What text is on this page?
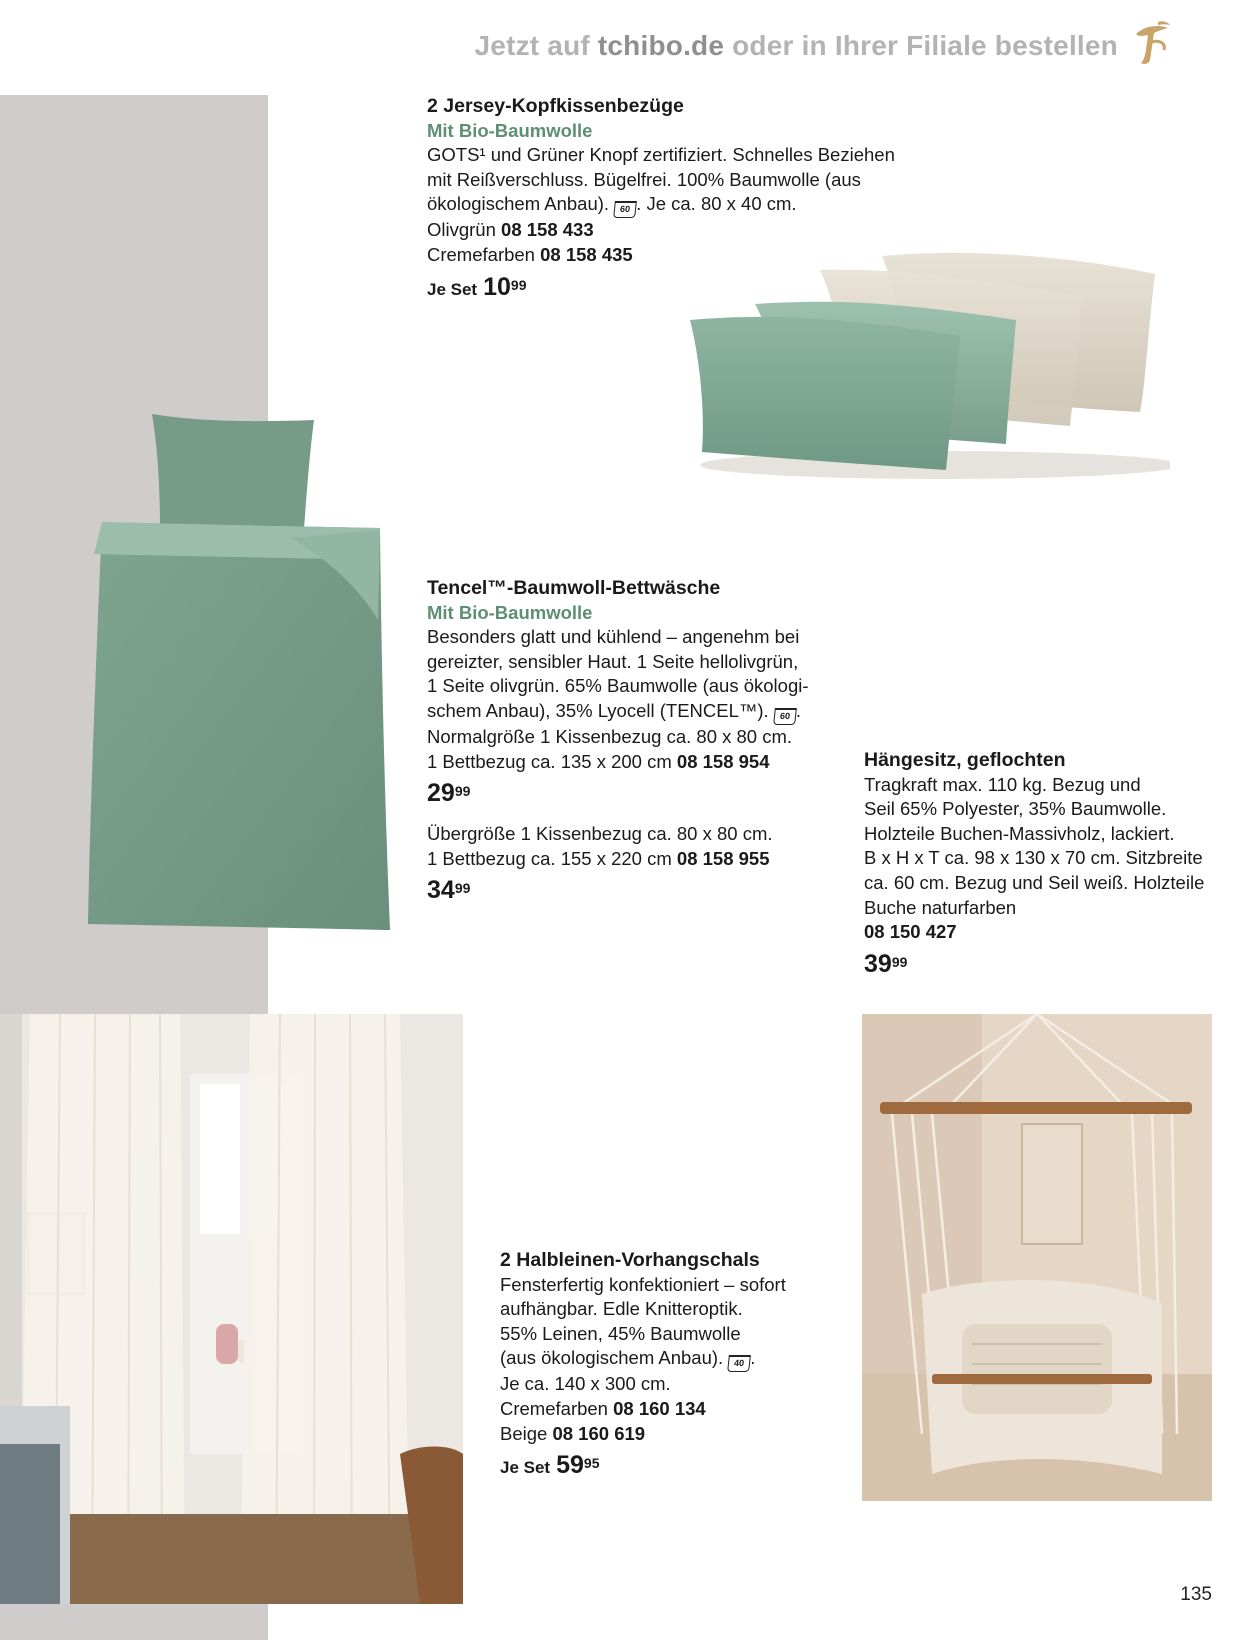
Jetzt auf tchibo.de oder in Ihrer Filiale bestellen
2 Jersey-Kopfkissenbezüge
Mit Bio-Baumwolle
GOTS¹ und Grüner Knopf zertifiziert. Schnelles Beziehen
mit Reißverschluss. Bügelfrei. 100% Baumwolle (aus
ökologischem Anbau). 60 . Je ca. 80 x 40 cm.
Olivgrün 08 158 433
Cremefarben 08 158 435
Je Set $10^{99}$
Tencel™-Baumwoll-Bettwäsche
Mit Bio-Baumwolle
Besonders glatt und kühlend – angenehm bei
gereizter, sensibler Haut. 1 Seite hellolivgrün,
1 Seite olivgrün. 65% Baumwolle (aus ökologi-
schem Anbau), 35% Lyocell (TENCEL™). 60 .
Normalgröße 1 Kissenbezug ca. 80 x 80 cm.
1 Bettbezug ca. 135 x 200 cm 08 158 954
$29^{99}$
Übergröße 1 Kissenbezug ca. 80 x 80 cm.
1 Bettbezug ca. 155 x 220 cm 08 158 955
$34^{99}$
Hängesitz, geflochten
Tragkraft max. 110 kg. Bezug und
Seil 65% Polyester, 35% Baumwolle.
Holzteile Buchen-Massivholz, lackiert.
B x H x T ca. 98 x 130 x 70 cm. Sitzbreite
ca. 60 cm. Bezug und Seil weiß. Holzteile
Buche naturfarben
08 150 427
$39^{99}$
2 Halbleinen-Vorhangschals
Fensterfertig konfektioniert – sofort
aufhängbar. Edle Knitteroptik.
55% Leinen, 45% Baumwolle
(aus ökologischem Anbau). 40 .
Je ca. 140 x 300 cm.
Cremefarben 08 160 134
Beige 08 160 619
Je Set $59^{95}$
135
